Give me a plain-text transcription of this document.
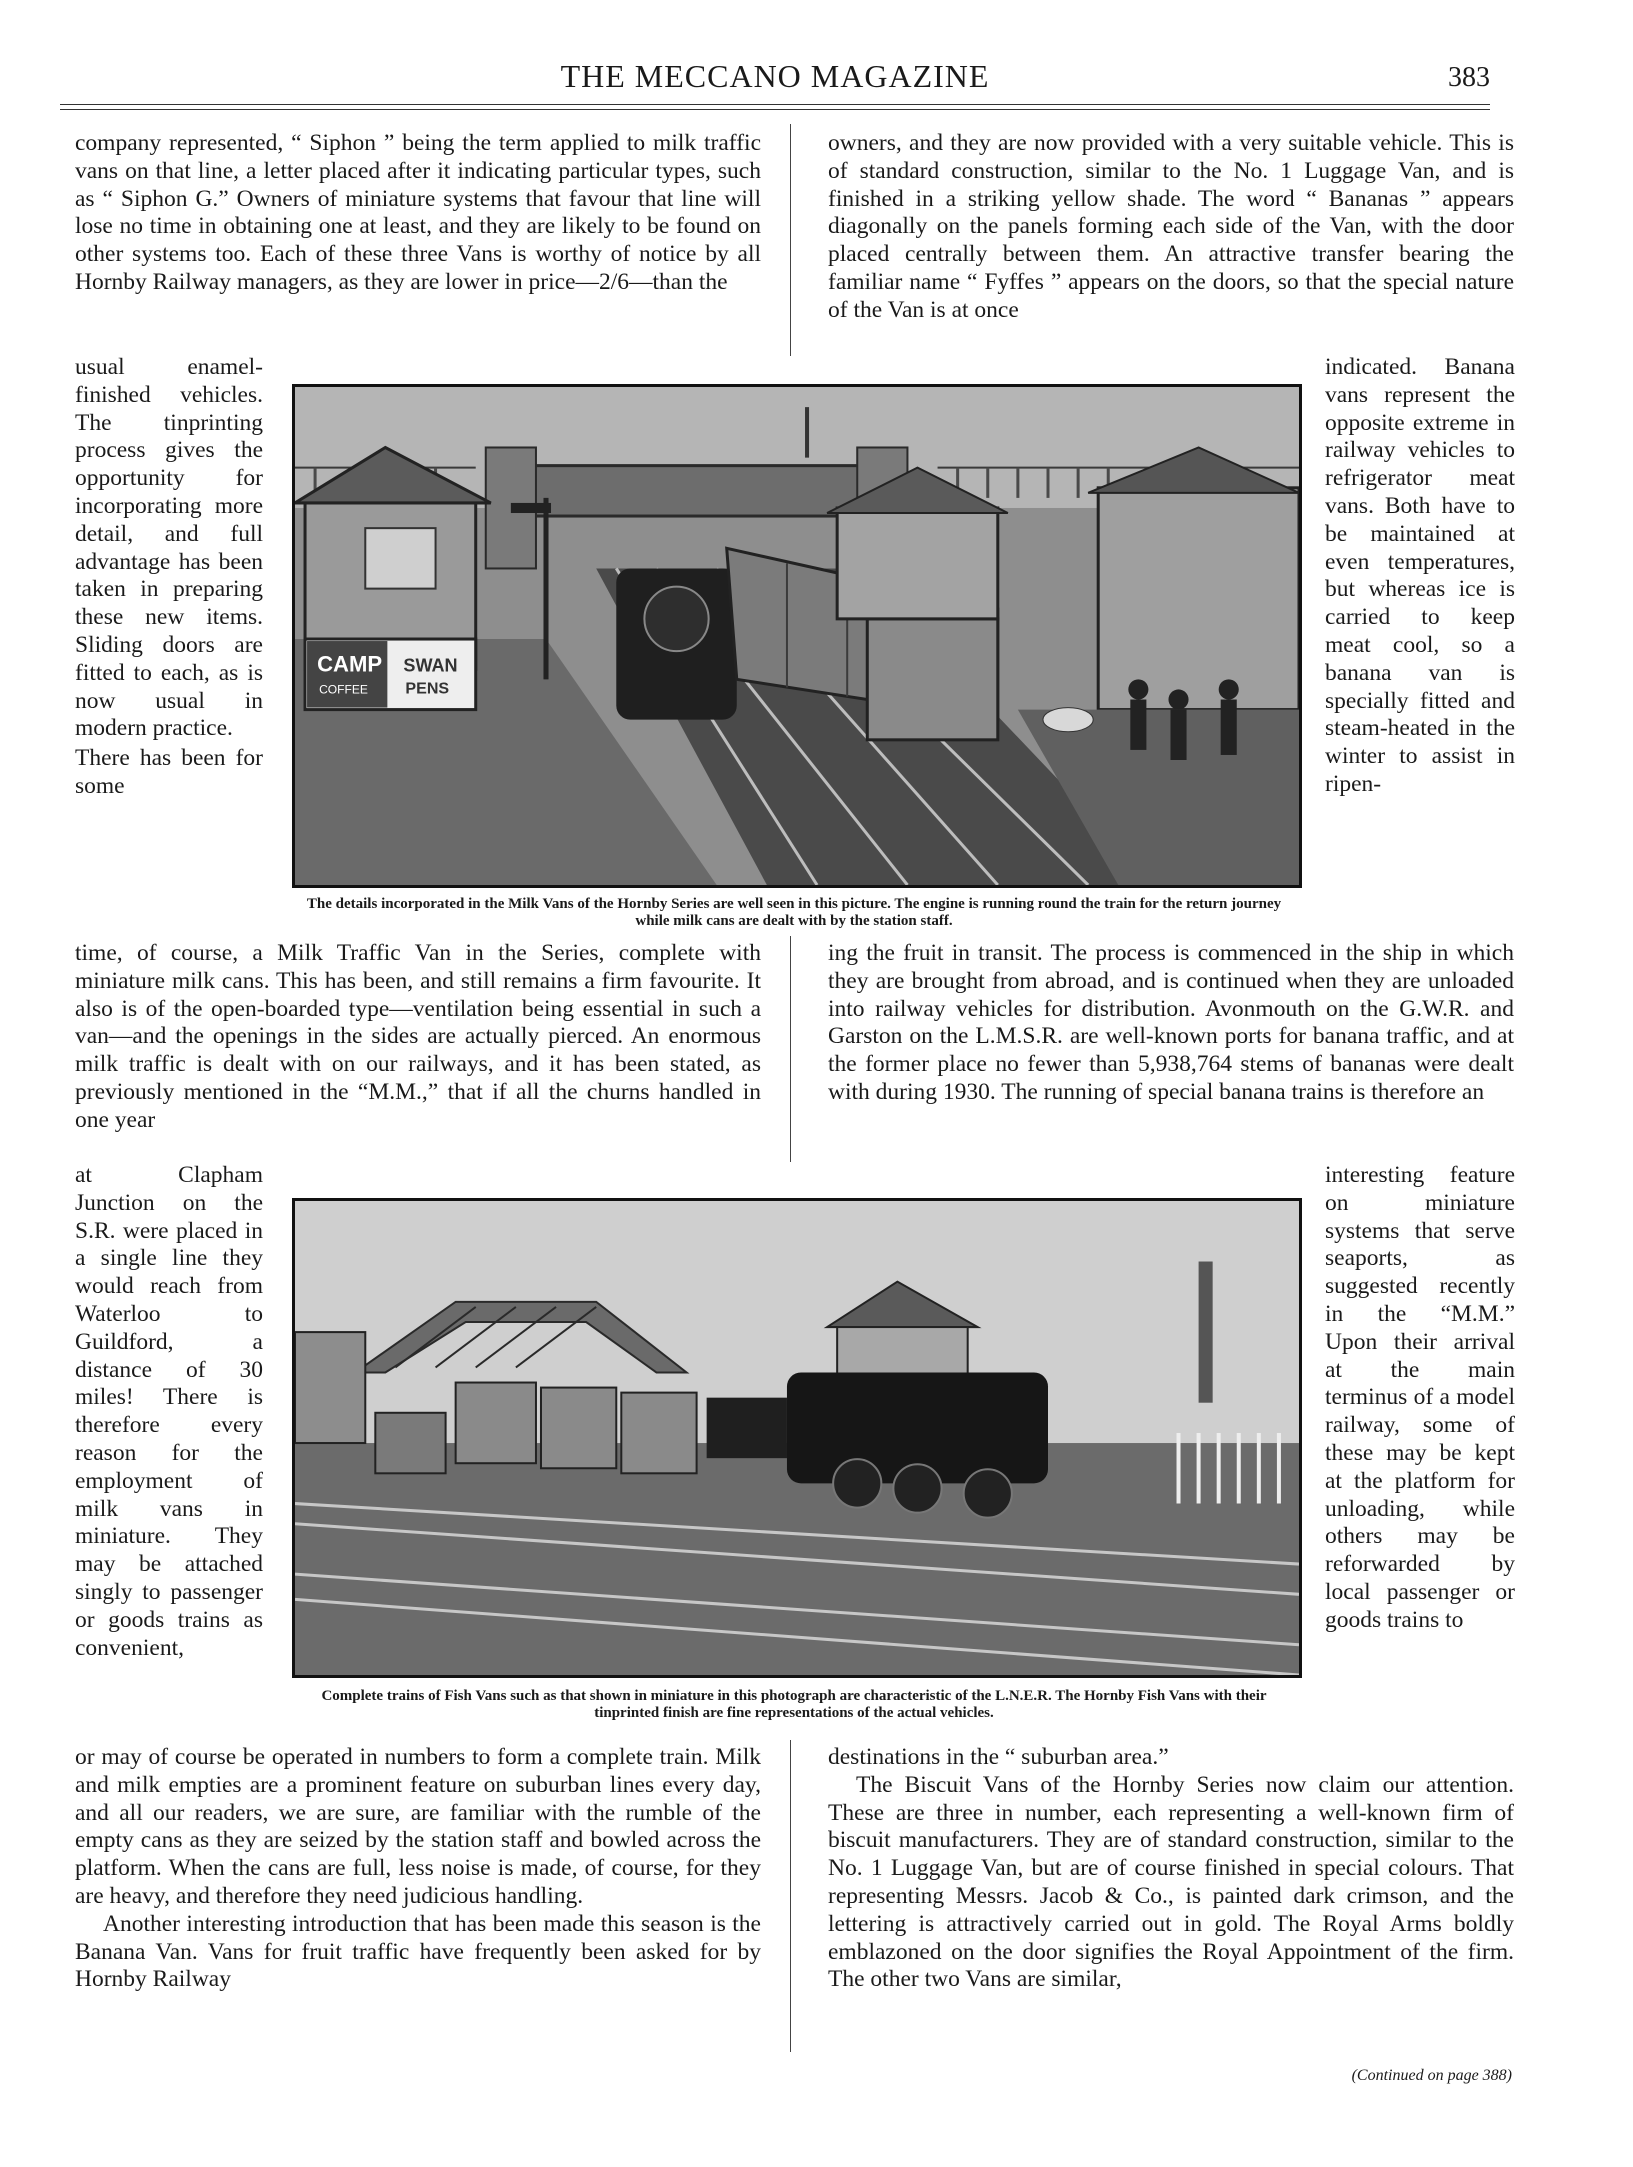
THE MECCANO MAGAZINE	383

company represented, “ Siphon ” being the term applied to milk traffic vans on that line, a letter placed after it indicating particular types, such as “ Siphon G.” Owners of miniature systems that favour that line will lose no time in obtaining one at least, and they are likely to be found on other systems too. Each of these three Vans is worthy of notice by all Hornby Railway managers, as they are lower in price—2/6—than the

owners, and they are now provided with a very suitable vehicle. This is of standard construction, similar to the No. 1 Luggage Van, and is finished in a striking yellow shade. The word “ Bananas ” appears diagonally on the panels forming each side of the Van, with the door placed centrally between them. An attractive transfer bearing the familiar name “ Fyffes ” appears on the doors, so that the special nature of the Van is at once

usual enamel-finished vehicles. The tinprinting process gives the opportunity for incorporating more detail, and full advantage has been taken in preparing these new items. Sliding doors are fitted to each, as is now usual in modern practice.

There has been for some

indicated. Banana vans represent the opposite extreme in railway vehicles to refrigerator meat vans. Both have to be maintained at even temperatures, but whereas ice is carried to keep meat cool, so a banana van is specially fitted and steam-heated in the winter to assist in ripen-

CAMP
COFFEE
SWAN
PENS
The details incorporated in the Milk Vans of the Hornby Series are well seen in this picture. The engine is running round the train for the return journey while milk cans are dealt with by the station staff.

time, of course, a Milk Traffic Van in the Series, complete with miniature milk cans. This has been, and still remains a firm favourite. It also is of the open-boarded type—ventilation being essential in such a van—and the openings in the sides are actually pierced. An enormous milk traffic is dealt with on our railways, and it has been stated, as previously mentioned in the “M.M.,” that if all the churns handled in one year

ing the fruit in transit. The process is commenced in the ship in which they are brought from abroad, and is continued when they are unloaded into railway vehicles for distribution. Avonmouth on the G.W.R. and Garston on the L.M.S.R. are well-known ports for banana traffic, and at the former place no fewer than 5,938,764 stems of bananas were dealt with during 1930. The running of special banana trains is therefore an

at Clapham Junction on the S.R. were placed in a single line they would reach from Waterloo to Guildford, a distance of 30 miles! There is therefore every reason for the employment of milk vans in miniature. They may be attached singly to passenger or goods trains as convenient,

interesting feature on miniature systems that serve seaports, as suggested recently in the “M.M.” Upon their arrival at the main terminus of a model railway, some of these may be kept at the platform for unloading, while others may be reforwarded by local passenger or goods trains to

Complete trains of Fish Vans such as that shown in miniature in this photograph are characteristic of the L.N.E.R. The Hornby Fish Vans with their tinprinted finish are fine representations of the actual vehicles.

or may of course be operated in numbers to form a complete train. Milk and milk empties are a prominent feature on suburban lines every day, and all our readers, we are sure, are familiar with the rumble of the empty cans as they are seized by the station staff and bowled across the platform. When the cans are full, less noise is made, of course, for they are heavy, and therefore they need judicious handling.

Another interesting introduction that has been made this season is the Banana Van. Vans for fruit traffic have frequently been asked for by Hornby Railway

destinations in the “ suburban area.”

The Biscuit Vans of the Hornby Series now claim our attention. These are three in number, each representing a well-known firm of biscuit manufacturers. They are of standard construction, similar to the No. 1 Luggage Van, but are of course finished in special colours. That representing Messrs. Jacob & Co., is painted dark crimson, and the lettering is attractively carried out in gold. The Royal Arms boldly emblazoned on the door signifies the Royal Appointment of the firm. The other two Vans are similar,

(Continued on page 388)
